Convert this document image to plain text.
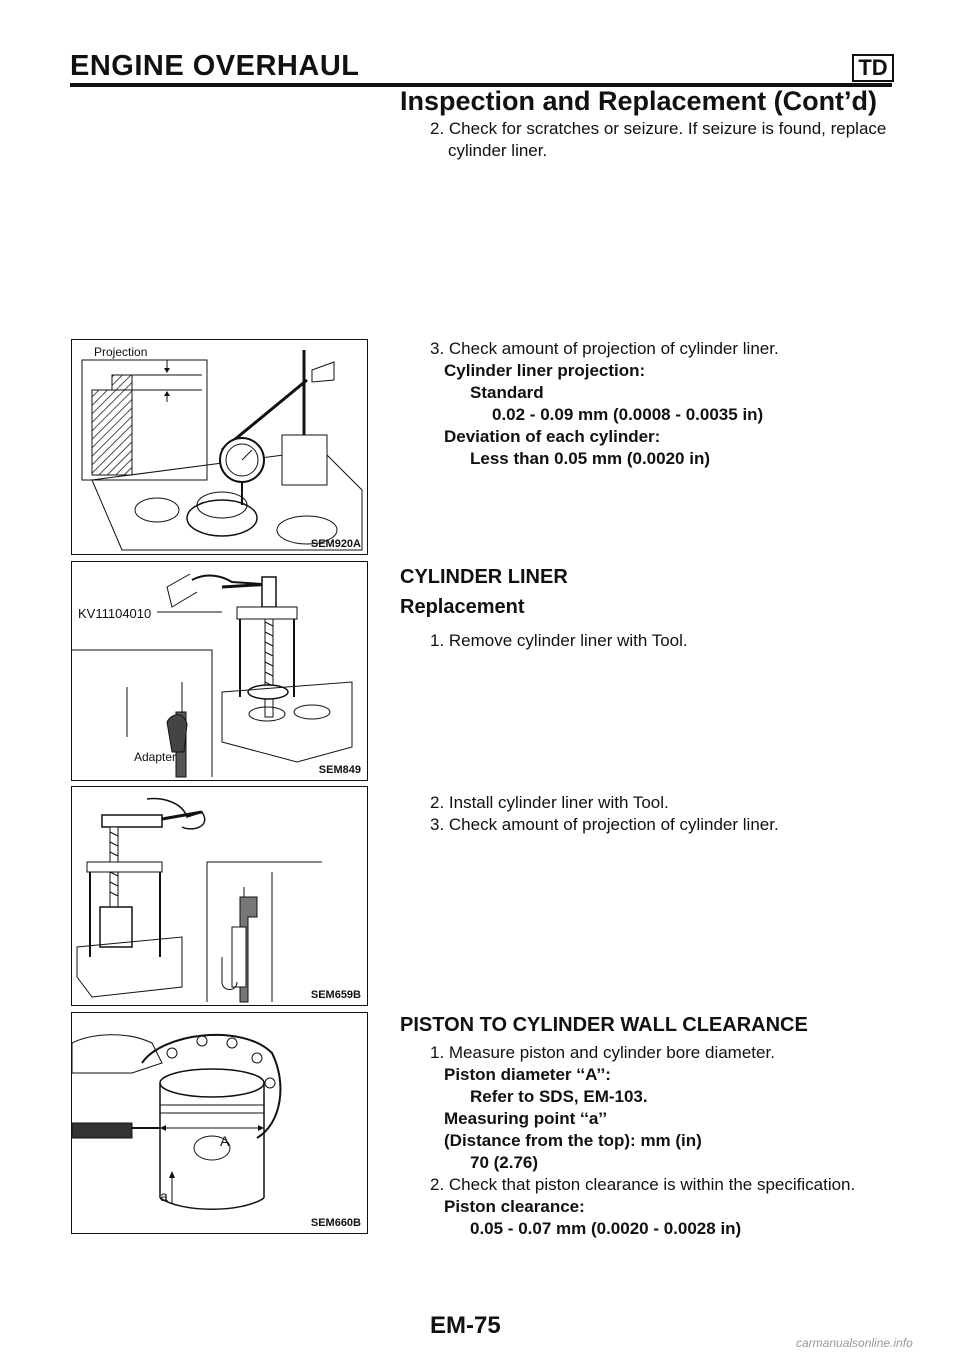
ENGINE OVERHAUL	TD
Inspection and Replacement (Cont’d)
2. Check for scratches or seizure. If seizure is found, replace
cylinder liner.
Projection
SEM920A
3. Check amount of projection of cylinder liner.
Cylinder liner projection:
Standard
0.02 - 0.09 mm (0.0008 - 0.0035 in)
Deviation of each cylinder:
Less than 0.05 mm (0.0020 in)
KV11104010
Adapter
SEM849
CYLINDER LINER
Replacement
1. Remove cylinder liner with Tool.
SEM659B
2. Install cylinder liner with Tool.
3. Check amount of projection of cylinder liner.
A
a
SEM660B
PISTON TO CYLINDER WALL CLEARANCE
1. Measure piston and cylinder bore diameter.
Piston diameter ‘‘A’’:
Refer to SDS, EM-103.
Measuring point ‘‘a’’
(Distance from the top): mm (in)
70 (2.76)
2. Check that piston clearance is within the specification.
Piston clearance:
0.05 - 0.07 mm (0.0020 - 0.0028 in)
EM-75
carmanualsonline.info
